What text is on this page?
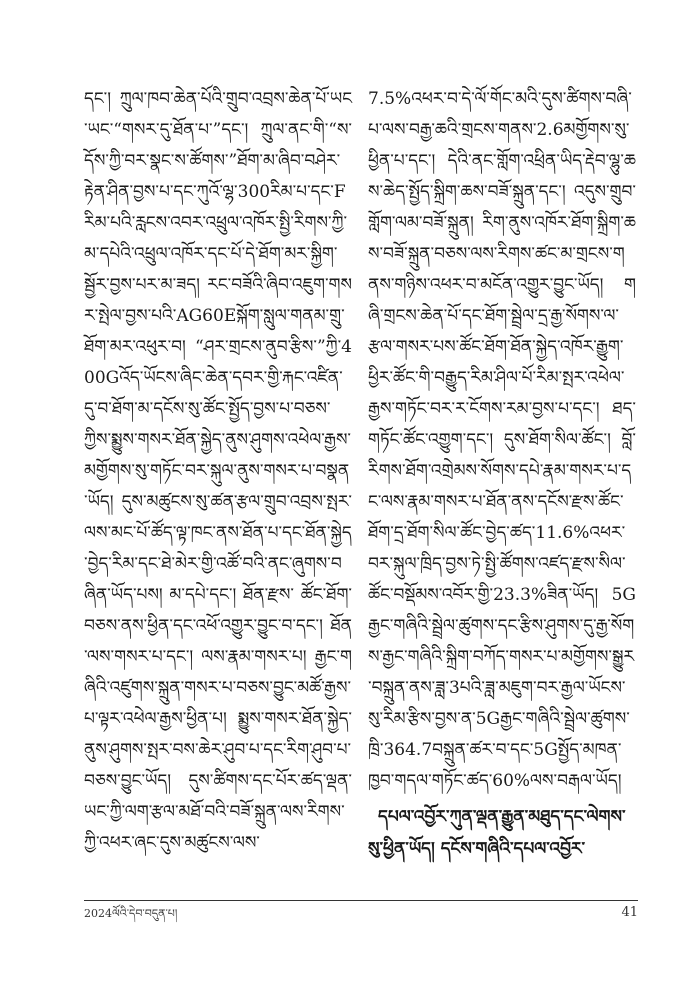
དང་། ཀྲུལ་ཁབ་ཆེན་པོའི་གྲུབ་འབྲས་ཆེན་པོ་ཡང་ཡང་“གསར་དུ་ཐོན་པ་”དང་། ཀྲུལ་ནང་གི་“ས་དོས་ཀྱི་བར་སྣང་ས་ཚོགས་”ཐོག་མ་ཞིབ་བཤེར་རྟེན་ཤིན་བྱས་པ་དང་ཀུའོ་ལྷ་300རིམ་པ་དང་Fརིམ་པའི་རླངས་འབར་འཕྲུལ་འཁོར་སྤྱི་རིགས་ཀྱི་མ་དཔེའི་འཕྲུལ་འཁོར་དང་པོ་དེ་ཐོག་མར་སྐྱིག་སྦྱོར་བྱས་པར་མ་ཟད། རང་བཟོའི་ཞིབ་འཇུག་གསར་སྤེལ་བྱས་པའི་AG60Eསྐོག་སླུལ་གནམ་གྲུ་ཐོག་མར་འཕུར་བ། “ཤར་གྲངས་ནུབ་རྩིས་”ཀྱི་400Gའོད་ཡོངས་ཞིང་ཆེན་དབར་གྱི་རྐང་འཛིན་དུ་བ་ཐོག་མ་དངོས་སུ་ཚོང་སྤྱོད་བྱས་པ་བཅས་ཀྱིས་སྨྱུས་གསར་ཐོན་སྐྱེད་ནུས་ཤུགས་འཕེལ་རྒྱས་མགྱོགས་སུ་གཏོང་བར་སྐུལ་ནུས་གསར་པ་བསྣན་ཡོད། དུས་མཚུངས་སུ་ཚན་རྩལ་གྲུབ་འབྲས་སྤར་ལས་མང་པོ་ཚོད་ལྟ་ཁང་ནས་ཐོན་པ་དང་ཐོན་སྐྱེད་བྱེད་རིམ་དང་ཐེ་མེར་གྱི་འཚོ་བའི་ནང་ཞུགས་བཞིན་ཡོད་པས། མ་དཔེ་དང་། ཐོན་རྫས་ ཚོང་ཐོག་བཅས་ནས་ཕྱིན་དང་འཕོ་འགྱུར་བྱུང་བ་དང་། ཐོན་ལས་གསར་པ་དང་། ལས་རྣམ་གསར་པ། རྒྱང་གཞིའི་འཛུགས་སྐྲུན་གསར་པ་བཅས་བྱུང་མཚོ་རྒྱས་པ་ལྟར་འཕེལ་རྒྱས་ཕྱིན་པ། སྨྱུས་གསར་ཐོན་སྐྱེད་ནུས་ཤུགས་སྤར་བས་ཆེར་ཤུབ་པ་དང་རིག་ཤུབ་པ་བཅས་བྱུང་ཡོད། དུས་ཚིགས་དང་པོར་ཚད་ལྡན་ཡང་ཀྱི་ལག་རྩལ་མཐོ་བའི་བཟོ་སྐྲུན་ལས་རིགས་ཀྱི་འཕར་ཞང་དུས་མཚུངས་ལས་

7.5%འཕར་བ་དེ་ལོ་གོང་མའི་དུས་ཚིགས་བཞི་པ་ལས་བརྒྱ་ཆའི་གྲངས་གནས་2.6མགྱོགས་སུ་ཕྱིན་པ་དང་། དེའི་ནང་གློག་འཕྲིན་ཡིད་རྡེབ་ལྷུ་ཆས་ཆེད་སྤྱོད་སྐྲིག་ཆས་བཟོ་སྐྲུན་དང་། འདུས་གྲུབ་གློག་ལམ་བཟོ་སྐྲུན། རིག་ནུས་འཁོར་ཐོག་སྐྲིག་ཆས་བཟོ་སྐྲུན་བཅས་ལས་རིགས་ཚང་མ་གྲངས་གནས་གཉིས་འཕར་བ་མངོན་འགྱུར་བྱུང་ཡོད། གཞི་གྲངས་ཆེན་པོ་དང་ཐོག་སྦྲེལ་དྲ་རྒྱ་སོགས་ལ་རྩལ་གསར་པས་ཚོང་ཐོག་ཐོན་སྐྱེད་འཁོར་རྒྱུག་ཕྱིར་ཚོང་གི་བརྒྱུད་རིམ་ཤིལ་པོ་རིམ་སྤར་འཕེལ་རྒྱས་གཏོང་བར་ར་ངོགས་རམ་བྱས་པ་དང་། ཐད་གཏོང་ཚོང་འགྱུག་དང་། དུས་ཐོག་སིལ་ཚོང་། བློ་རིགས་ཐོག་འགྲེམས་སོགས་དཔེ་རྣམ་གསར་པ་དང་ལས་རྣམ་གསར་པ་ཐོན་ནས་དངོས་རྫས་ཚོང་ཐོག་དྲ་ཐོག་སིལ་ཚོང་བྱེད་ཚད་11.6%འཕར་བར་སྐུལ་ཁྲིད་བྱས་ཏེ་སྤྱི་ཚོགས་འཛད་རྫས་སིལ་ཚོང་བསྡོམས་འབོར་གྱི་23.3%ཟིན་ཡོད། 5Gརྒྱང་གཞིའི་སྦྲེལ་ཚུགས་དང་རྩིས་ཤུགས་དུ་རྒྱ་སོགས་རྒྱང་གཞིའི་སྐྲིག་བཀོད་གསར་པ་མགྱོགས་སྒྱུར་བསྐྲུན་ནས་ཟླ་3པའི་ཟླ་མཇུག་བར་རྒྱལ་ཡོངས་སུ་རིམ་རྩིས་བྱས་ན་5Gརྒྱང་གཞིའི་སྦྲེལ་ཚུགས་ཁྲི་364.7བསྐྲུན་ཚར་བ་དང་5Gསྤྱོད་མཁན་ཁྱབ་གདལ་གཏོང་ཚད་60%ལས་བརྒལ་ཡོད།

དཔལ་འབྱོར་ཀུན་ལྡན་རྒྱུན་མཐུད་དང་ལེགས་སུ་ཕྱིན་ཡོད། དངོས་གཞིའི་དཔལ་འབྱོར་

2024ལོའི་དེབ་བདུན་པ།	41
